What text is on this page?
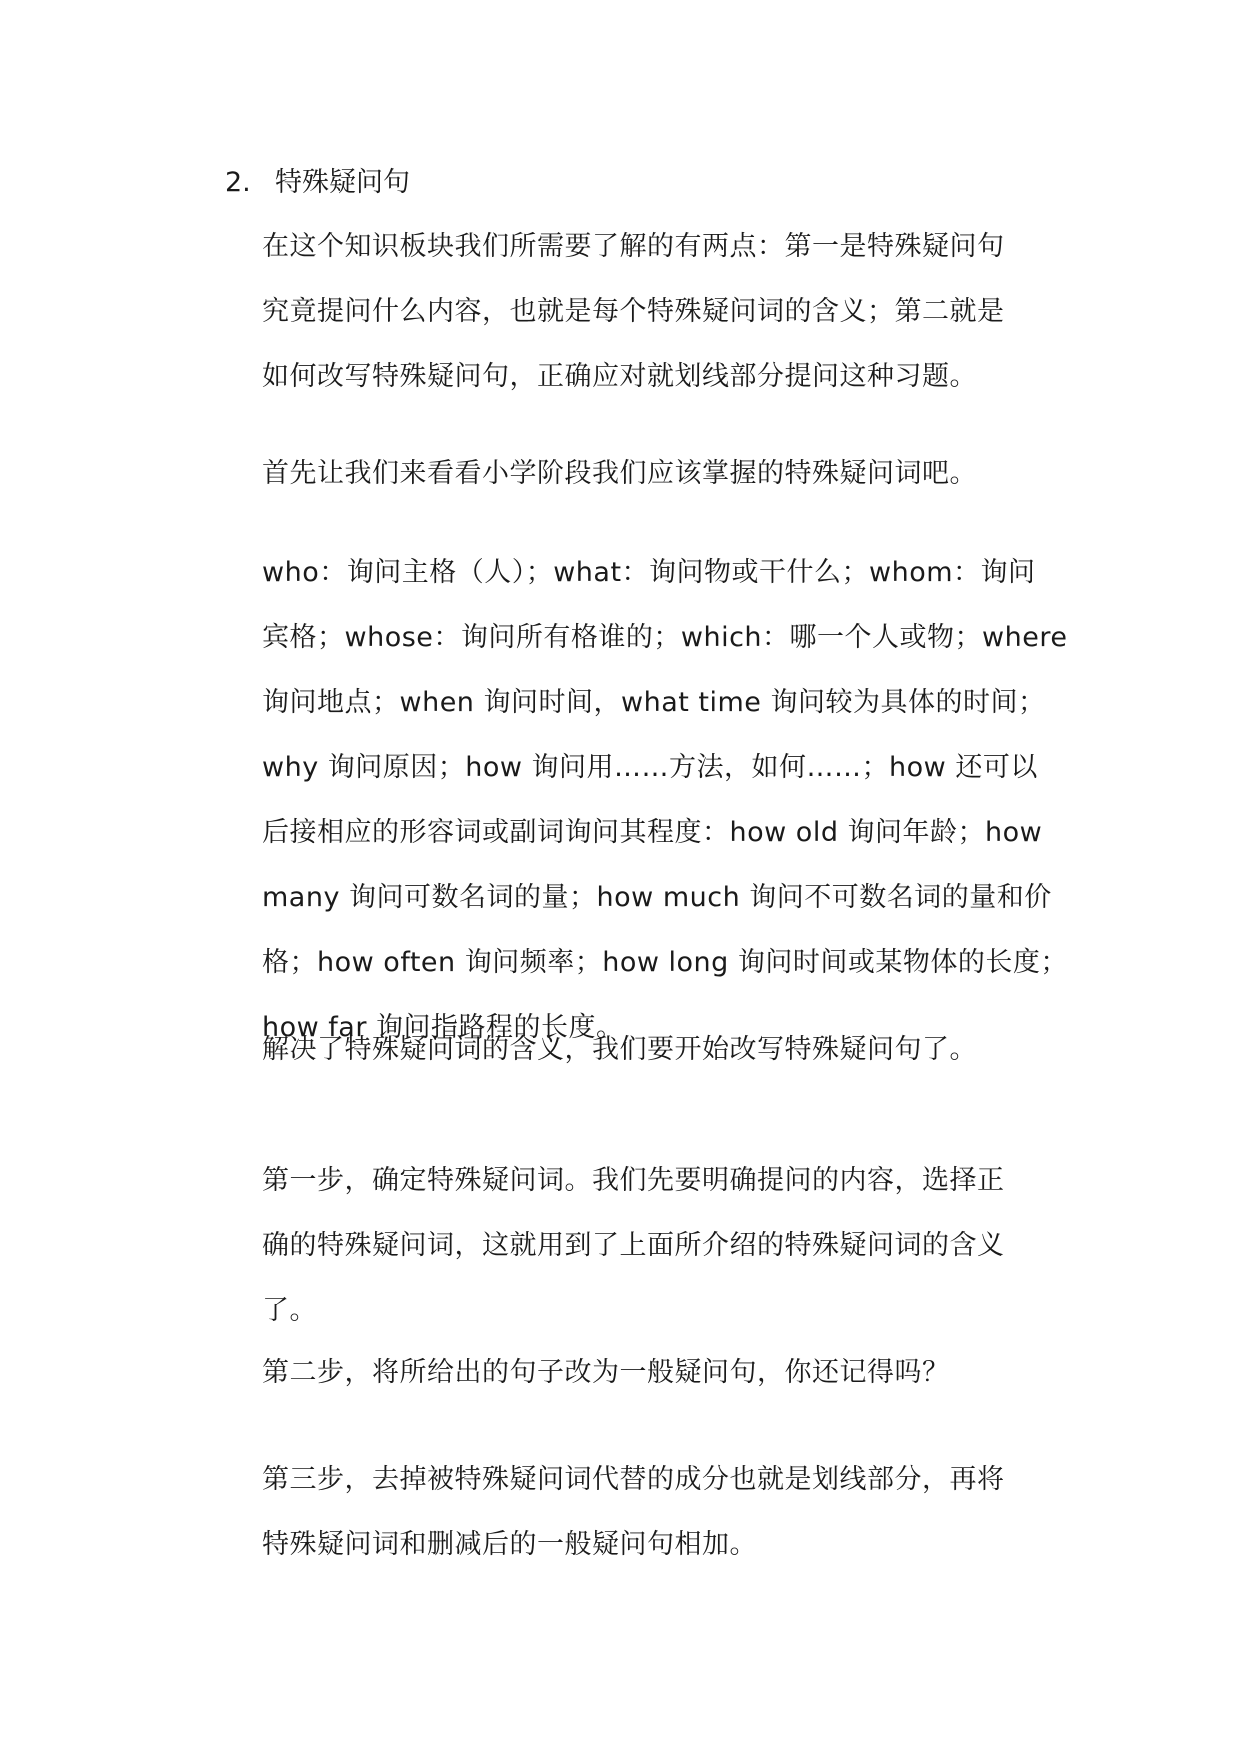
2. 特殊疑问句

在这个知识板块我们所需要了解的有两点：第一是特殊疑问句
究竟提问什么内容，也就是每个特殊疑问词的含义；第二就是
如何改写特殊疑问句，正确应对就划线部分提问这种习题。

首先让我们来看看小学阶段我们应该掌握的特殊疑问词吧。

who：询问主格（人）；what：询问物或干什么；whom：询问
宾格；whose：询问所有格谁的；which：哪一个人或物；where
询问地点；when 询问时间，what time 询问较为具体的时间；
why 询问原因；how 询问用……方法，如何……；how 还可以
后接相应的形容词或副词询问其程度：how old 询问年龄；how
many 询问可数名词的量；how much 询问不可数名词的量和价
格；how often 询问频率；how long 询问时间或某物体的长度；
how far 询问指路程的长度。

解决了特殊疑问词的含义，我们要开始改写特殊疑问句了。

第一步，确定特殊疑问词。我们先要明确提问的内容，选择正
确的特殊疑问词，这就用到了上面所介绍的特殊疑问词的含义
了。

第二步，将所给出的句子改为一般疑问句，你还记得吗？

第三步，去掉被特殊疑问词代替的成分也就是划线部分，再将
特殊疑问词和删减后的一般疑问句相加。
